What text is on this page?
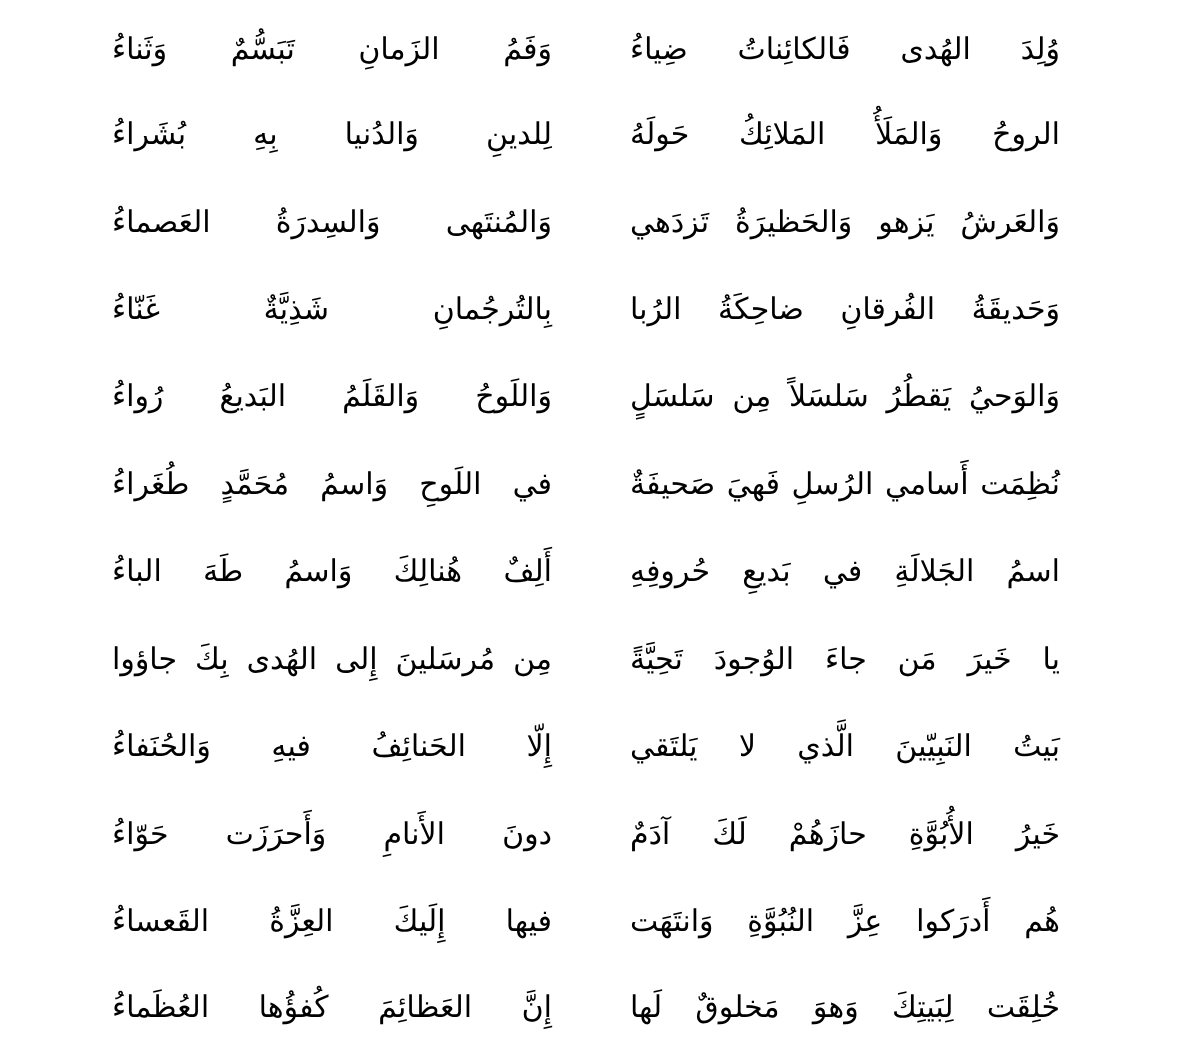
وُلِدَ الهُدى فَالكائِناتُ ضِياءُ
وَفَمُ الزَمانِ تَبَسُّمٌ وَثَناءُ
الروحُ وَالمَلَأُ المَلائِكُ حَولَهُ
لِلدينِ وَالدُنيا بِهِ بُشَراءُ
وَالعَرشُ يَزهو وَالحَظيرَةُ تَزدَهي
وَالمُنتَهى وَالسِدرَةُ العَصماءُ
وَحَديقَةُ الفُرقانِ ضاحِكَةُ الرُبا
بِالتُرجُمانِ شَذِيَّةٌ غَنّاءُ
وَالوَحيُ يَقطُرُ سَلسَلاً مِن سَلسَلٍ
وَاللَوحُ وَالقَلَمُ البَديعُ رُواءُ
نُظِمَت أَسامي الرُسلِ فَهيَ صَحيفَةٌ
في اللَوحِ وَاسمُ مُحَمَّدٍ طُغَراءُ
اسمُ الجَلالَةِ في بَديعِ حُروفِهِ
أَلِفٌ هُنالِكَ وَاسمُ طَهَ الباءُ
يا خَيرَ مَن جاءَ الوُجودَ تَحِيَّةً
مِن مُرسَلينَ إِلى الهُدى بِكَ جاؤوا
بَيتُ النَبِيّينَ الَّذي لا يَلتَقي
إِلّا الحَنائِفُ فيهِ وَالحُنَفاءُ
خَيرُ الأُبُوَّةِ حازَهُمْ لَكَ آدَمٌ
دونَ الأَنامِ وَأَحرَزَت حَوّاءُ
هُم أَدرَكوا عِزَّ النُبُوَّةِ وَانتَهَت
فيها إِلَيكَ العِزَّةُ القَعساءُ
خُلِقَت لِبَيتِكَ وَهوَ مَخلوقٌ لَها
إِنَّ العَظائِمَ كُفؤُها العُظَماءُ
